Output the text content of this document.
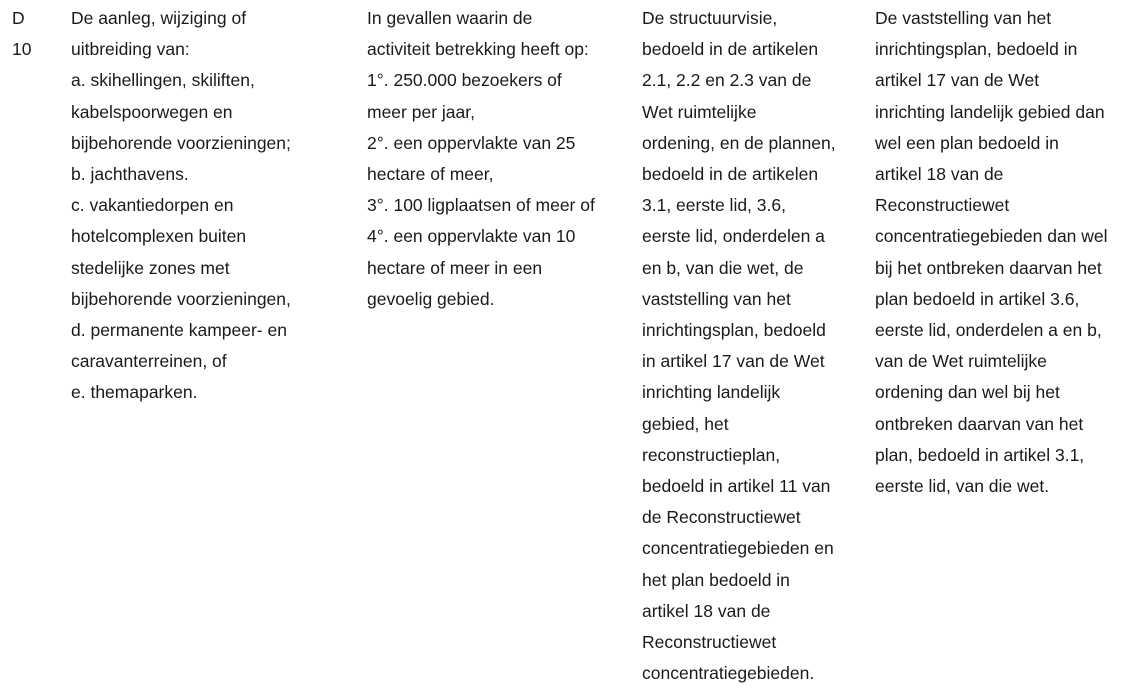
D
10
De aanleg, wijziging of
uitbreiding van:
a. skihellingen, skiliften,
kabelspoorwegen en
bijbehorende voorzieningen;
b. jachthavens.
c. vakantiedorpen en
hotelcomplexen buiten
stedelijke zones met
bijbehorende voorzieningen,
d. permanente kampeer- en
caravanterreinen, of
e. themaparken.
In gevallen waarin de
activiteit betrekking heeft op:
1°. 250.000 bezoekers of
meer per jaar,
2°. een oppervlakte van 25
hectare of meer,
3°. 100 ligplaatsen of meer of
4°. een oppervlakte van 10
hectare of meer in een
gevoelig gebied.
De structuurvisie,
bedoeld in de artikelen
2.1, 2.2 en 2.3 van de
Wet ruimtelijke
ordening, en de plannen,
bedoeld in de artikelen
3.1, eerste lid, 3.6,
eerste lid, onderdelen a
en b, van die wet, de
vaststelling van het
inrichtingsplan, bedoeld
in artikel 17 van de Wet
inrichting landelijk
gebied, het
reconstructieplan,
bedoeld in artikel 11 van
de Reconstructiewet
concentratiegebieden en
het plan bedoeld in
artikel 18 van de
Reconstructiewet
concentratiegebieden.
De vaststelling van het
inrichtingsplan, bedoeld in
artikel 17 van de Wet
inrichting landelijk gebied dan
wel een plan bedoeld in
artikel 18 van de
Reconstructiewet
concentratiegebieden dan wel
bij het ontbreken daarvan het
plan bedoeld in artikel 3.6,
eerste lid, onderdelen a en b,
van de Wet ruimtelijke
ordening dan wel bij het
ontbreken daarvan van het
plan, bedoeld in artikel 3.1,
eerste lid, van die wet.
